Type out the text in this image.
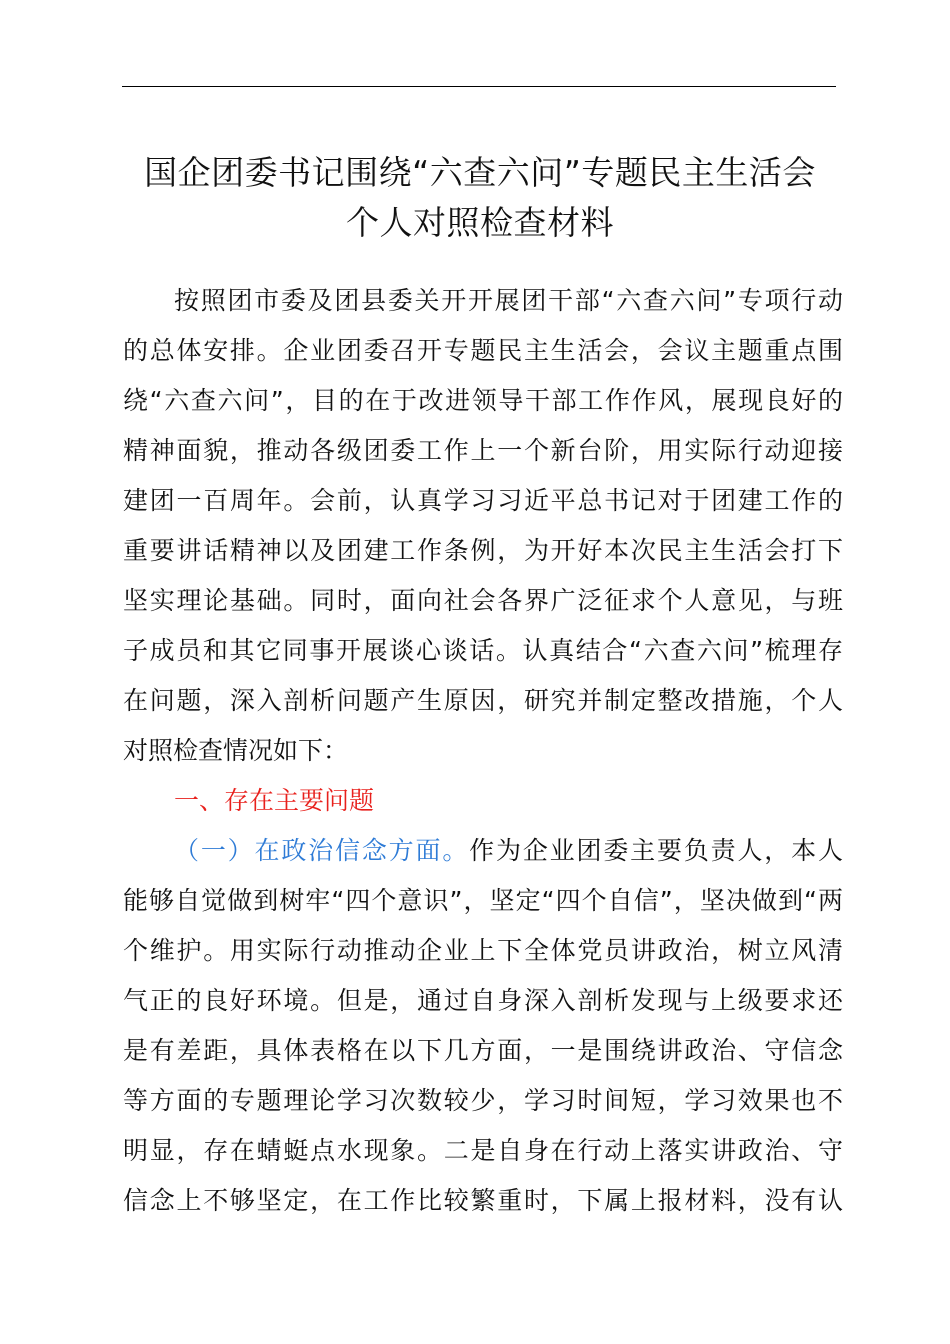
国企团委书记围绕“六查六问”专题民主生活会
个人对照检查材料
按照团市委及团县委关开开展团干部“六查六问”专项行动
的总体安排。企业团委召开专题民主生活会，会议主题重点围
绕“六查六问”，目的在于改进领导干部工作作风，展现良好的
精神面貌，推动各级团委工作上一个新台阶，用实际行动迎接
建团一百周年。会前，认真学习习近平总书记对于团建工作的
重要讲话精神以及团建工作条例，为开好本次民主生活会打下
坚实理论基础。同时，面向社会各界广泛征求个人意见，与班
子成员和其它同事开展谈心谈话。认真结合“六查六问”梳理存
在问题，深入剖析问题产生原因，研究并制定整改措施，个人
对照检查情况如下：
一、存在主要问题
（一）在政治信念方面。作为企业团委主要负责人，本人
能够自觉做到树牢“四个意识”，坚定“四个自信”，坚决做到“两
个维护。用实际行动推动企业上下全体党员讲政治，树立风清
气正的良好环境。但是，通过自身深入剖析发现与上级要求还
是有差距，具体表格在以下几方面，一是围绕讲政治、守信念
等方面的专题理论学习次数较少，学习时间短，学习效果也不
明显，存在蜻蜓点水现象。二是自身在行动上落实讲政治、守
信念上不够坚定，在工作比较繁重时，下属上报材料，没有认
